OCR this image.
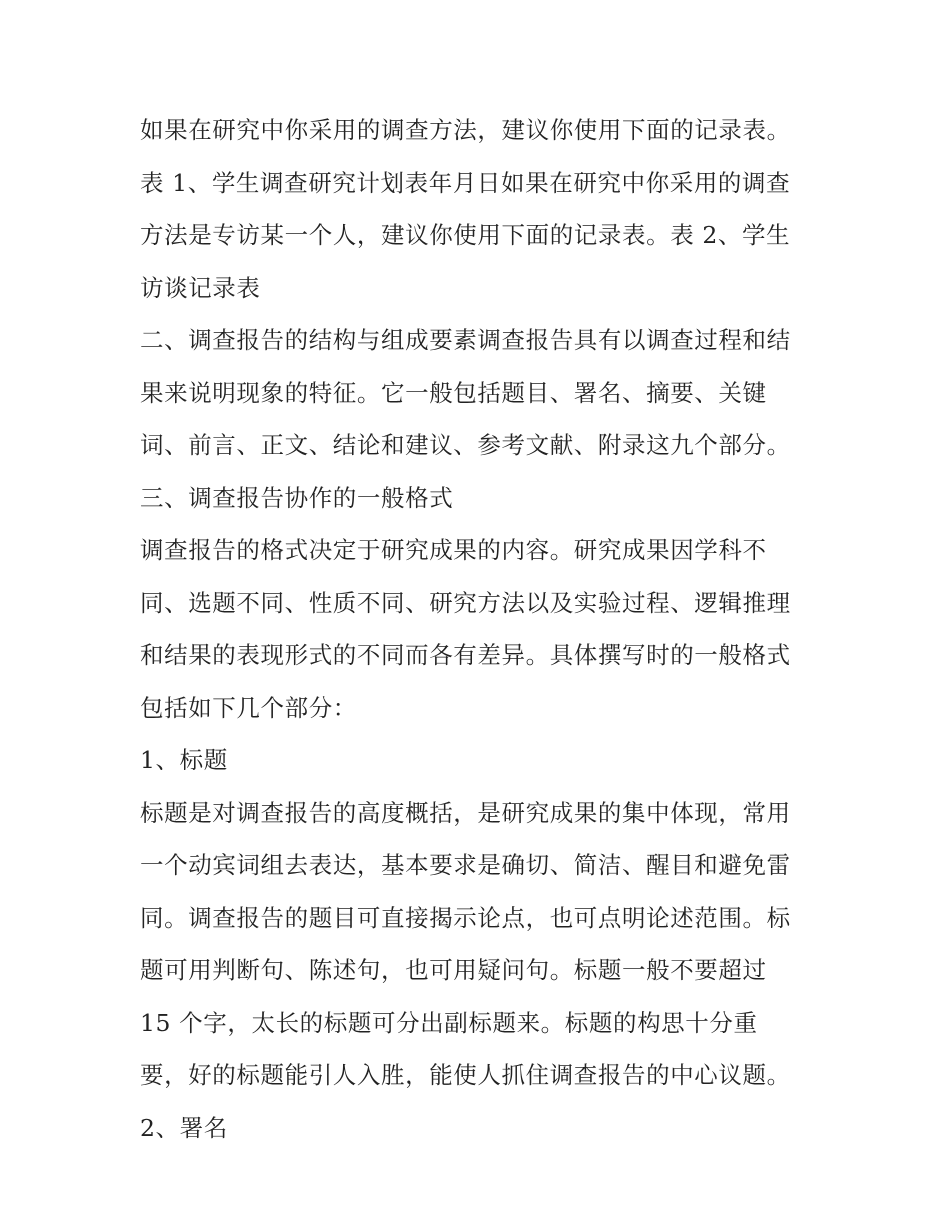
如果在研究中你采用的调查方法，建议你使用下面的记录表。
表 1、学生调查研究计划表年月日如果在研究中你采用的调查
方法是专访某一个人，建议你使用下面的记录表。表 2、学生
访谈记录表
二、调查报告的结构与组成要素调查报告具有以调查过程和结
果来说明现象的特征。它一般包括题目、署名、摘要、关键
词、前言、正文、结论和建议、参考文献、附录这九个部分。
三、调查报告协作的一般格式
调查报告的格式决定于研究成果的内容。研究成果因学科不
同、选题不同、性质不同、研究方法以及实验过程、逻辑推理
和结果的表现形式的不同而各有差异。具体撰写时的一般格式
包括如下几个部分：
1、标题
标题是对调查报告的高度概括，是研究成果的集中体现，常用
一个动宾词组去表达，基本要求是确切、简洁、醒目和避免雷
同。调查报告的题目可直接揭示论点，也可点明论述范围。标
题可用判断句、陈述句，也可用疑问句。标题一般不要超过
15 个字，太长的标题可分出副标题来。标题的构思十分重
要，好的标题能引人入胜，能使人抓住调查报告的中心议题。
2、署名
